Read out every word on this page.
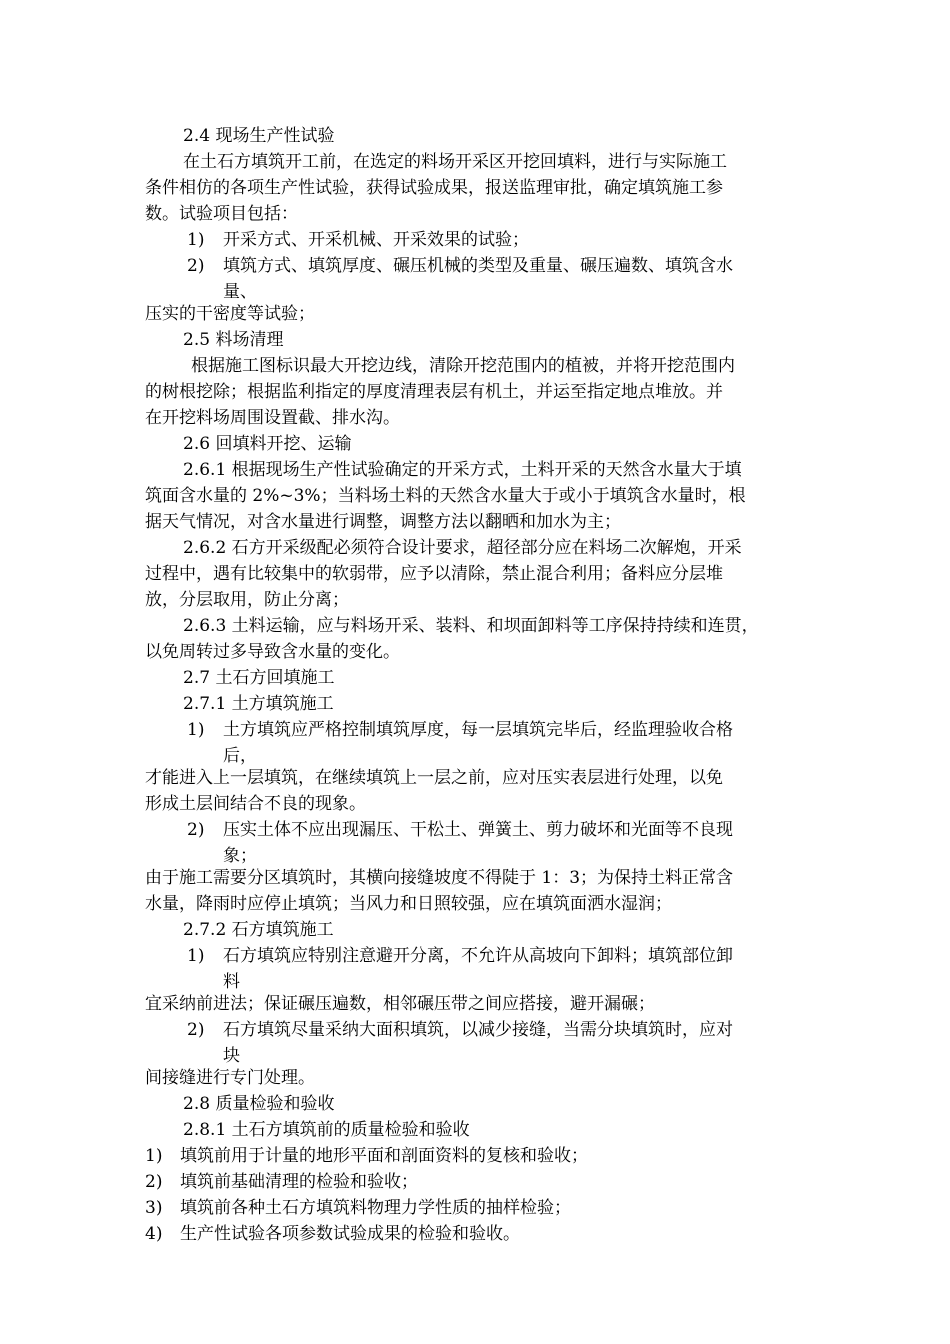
2.4 现场生产性试验
在土石方填筑开工前，在选定的料场开采区开挖回填料，进行与实际施工
条件相仿的各项生产性试验，获得试验成果，报送监理审批，确定填筑施工参
数。试验项目包括：
1) 开采方式、开采机械、开采效果的试验；
2) 填筑方式、填筑厚度、碾压机械的类型及重量、碾压遍数、填筑含水
量、
压实的干密度等试验；
2.5 料场清理
根据施工图标识最大开挖边线，清除开挖范围内的植被，并将开挖范围内
的树根挖除；根据监利指定的厚度清理表层有机土，并运至指定地点堆放。并
在开挖料场周围设置截、排水沟。
2.6 回填料开挖、运输
2.6.1 根据现场生产性试验确定的开采方式，土料开采的天然含水量大于填
筑面含水量的 2%~3%；当料场土料的天然含水量大于或小于填筑含水量时，根
据天气情况，对含水量进行调整，调整方法以翻晒和加水为主；
2.6.2 石方开采级配必须符合设计要求，超径部分应在料场二次解炮，开采
过程中，遇有比较集中的软弱带，应予以清除，禁止混合利用；备料应分层堆
放，分层取用，防止分离；
2.6.3 土料运输，应与料场开采、装料、和坝面卸料等工序保持持续和连贯，
以免周转过多导致含水量的变化。
2.7 土石方回填施工
2.7.1 土方填筑施工
1) 土方填筑应严格控制填筑厚度，每一层填筑完毕后，经监理验收合格
后，
才能进入上一层填筑，在继续填筑上一层之前，应对压实表层进行处理，以免
形成土层间结合不良的现象。
2) 压实土体不应出现漏压、干松土、弹簧土、剪力破坏和光面等不良现
象；
由于施工需要分区填筑时，其横向接缝坡度不得陡于 1：3；为保持土料正常含
水量，降雨时应停止填筑；当风力和日照较强，应在填筑面洒水湿润；
2.7.2 石方填筑施工
1) 石方填筑应特别注意避开分离，不允许从高坡向下卸料；填筑部位卸
料
宜采纳前进法；保证碾压遍数，相邻碾压带之间应搭接，避开漏碾；
2) 石方填筑尽量采纳大面积填筑，以减少接缝，当需分块填筑时，应对
块
间接缝进行专门处理。
2.8 质量检验和验收
2.8.1 土石方填筑前的质量检验和验收
1) 填筑前用于计量的地形平面和剖面资料的复核和验收；
2) 填筑前基础清理的检验和验收；
3) 填筑前各种土石方填筑料物理力学性质的抽样检验；
4) 生产性试验各项参数试验成果的检验和验收。
